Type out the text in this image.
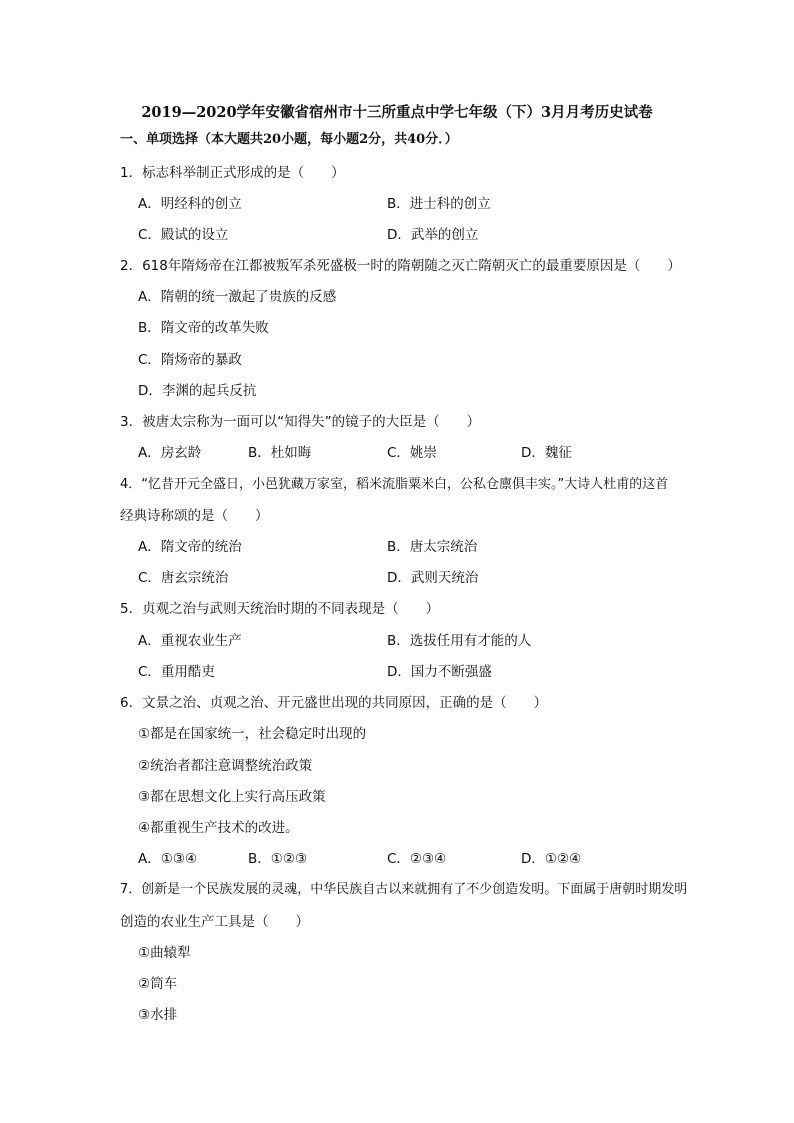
2019—2020学年安徽省宿州市十三所重点中学七年级（下）3月月考历史试卷
一、单项选择（本大题共20小题，每小题2分，共40分．）
1．标志科举制正式形成的是（　　）
A．明经科的创立	B．进士科的创立
C．殿试的设立	D．武举的创立
2．618年隋炀帝在江都被叛军杀死盛极一时的隋朝随之灭亡隋朝灭亡的最重要原因是（　　）
A．隋朝的统一激起了贵族的反感
B．隋文帝的改革失败
C．隋炀帝的暴政
D．李渊的起兵反抗
3．被唐太宗称为一面可以“知得失”的镜子的大臣是（　　）
A．房玄龄	B．杜如晦	C．姚崇	D．魏征
4．“忆昔开元全盛日，小邑犹藏万家室，稻米流脂粟米白，公私仓廪俱丰实。”大诗人杜甫的这首
经典诗称颂的是（　　）
A．隋文帝的统治	B．唐太宗统治
C．唐玄宗统治	D．武则天统治
5．贞观之治与武则天统治时期的不同表现是（　　）
A．重视农业生产	B．选拔任用有才能的人
C．重用酷吏	D．国力不断强盛
6．文景之治、贞观之治、开元盛世出现的共同原因，正确的是（　　）
①都是在国家统一，社会稳定时出现的
②统治者都注意调整统治政策
③都在思想文化上实行高压政策
④都重视生产技术的改进。
A．①③④	B．①②③	C．②③④	D．①②④
7．创新是一个民族发展的灵魂，中华民族自古以来就拥有了不少创造发明。下面属于唐朝时期发明
创造的农业生产工具是（　　）
①曲辕犁
②筒车
③水排
